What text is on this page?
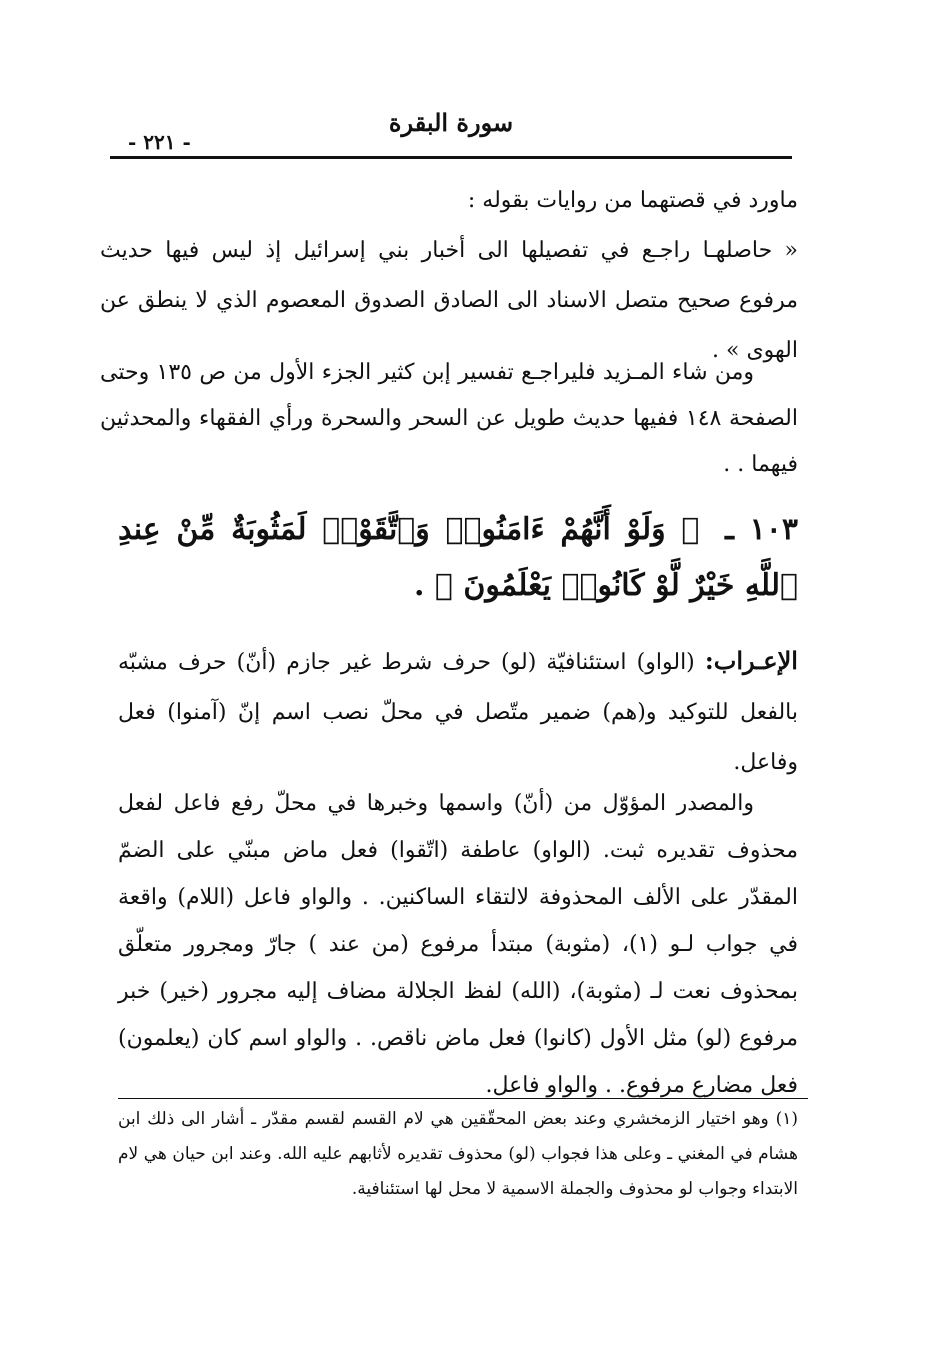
سورة البقرة
- ٢٢١ -

ماورد في قصتهما من روايات بقوله :

« حاصلهـا راجـع في تفصيلها الى أخبار بني إسرائيل إذ ليس فيها حديث مرفوع صحيح متصل الاسناد الى الصادق الصدوق المعصوم الذي لا ينطق عن الهوى » .

ومن شاء المـزيد فليراجـع تفسير إبن كثير الجزء الأول من ص ١٣٥ وحتى الصفحة ١٤٨ ففيها حديث طويل عن السحر والسحرة ورأي الفقهاء والمحدثين فيهما . .

١٠٣ ـ ﴿ وَلَوْ أَنَّهُمْ ءَامَنُوا۟ وَٱتَّقَوْا۟ لَمَثُوبَةٌ مِّنْ عِندِ ٱللَّهِ خَيْرٌ لَّوْ كَانُوا۟ يَعْلَمُونَ ﴾ .

الإعـراب: (الواو) استئنافيّة (لو) حرف شرط غير جازم (أنّ) حرف مشبّه بالفعل للتوكيد و(هم) ضمير متّصل في محلّ نصب اسم إنّ (آمنوا) فعل وفاعل.

والمصدر المؤوّل من (أنّ) واسمها وخبرها في محلّ رفع فاعل لفعل محذوف تقديره ثبت. (الواو) عاطفة (اتّقوا) فعل ماض مبنّي على الضمّ المقدّر على الألف المحذوفة لالتقاء الساكنين. . والواو فاعل (اللام) واقعة في جواب لـو (١)، (مثوبة) مبتدأ مرفوع (من عند ) جارّ ومجرور متعلّق بمحذوف نعت لـ (مثوبة)، (الله) لفظ الجلالة مضاف إليه مجرور (خير) خبر مرفوع (لو) مثل الأول (كانوا) فعل ماض ناقص. . والواو اسم كان (يعلمون) فعل مضارع مرفوع. . والواو فاعل.

(١) وهو اختيار الزمخشري وعند بعض المحقّقين هي لام القسم لقسم مقدّر ـ أشار الى ذلك ابن هشام في المغني ـ وعلى هذا فجواب (لو) محذوف تقديره لأثابهم عليه الله. وعند ابن حيان هي لام الابتداء وجواب لو محذوف والجملة الاسمية لا محل لها استئنافية.
